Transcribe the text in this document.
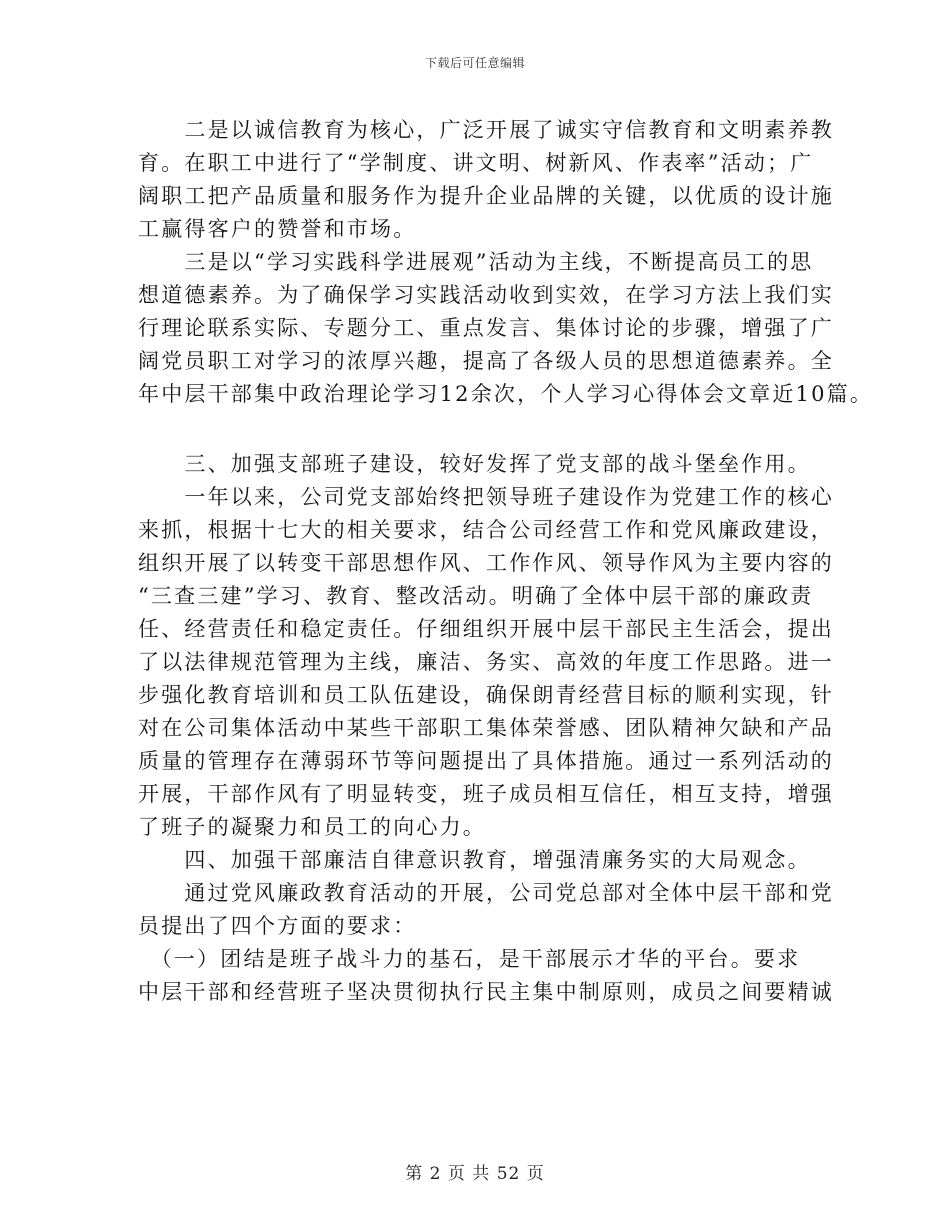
下载后可任意编辑
　　二是以诚信教育为核心，广泛开展了诚实守信教育和文明素养教
育。在职工中进行了“学制度、讲文明、树新风、作表率”活动；广
阔职工把产品质量和服务作为提升企业品牌的关键，以优质的设计施
工赢得客户的赞誉和市场。
　　三是以“学习实践科学进展观”活动为主线，不断提高员工的思
想道德素养。为了确保学习实践活动收到实效，在学习方法上我们实
行理论联系实际、专题分工、重点发言、集体讨论的步骤，增强了广
阔党员职工对学习的浓厚兴趣，提高了各级人员的思想道德素养。全
年中层干部集中政治理论学习12余次，个人学习心得体会文章近10篇。
　　三、加强支部班子建设，较好发挥了党支部的战斗堡垒作用。
　　一年以来，公司党支部始终把领导班子建设作为党建工作的核心
来抓，根据十七大的相关要求，结合公司经营工作和党风廉政建设，
组织开展了以转变干部思想作风、工作作风、领导作风为主要内容的
“三查三建”学习、教育、整改活动。明确了全体中层干部的廉政责
任、经营责任和稳定责任。仔细组织开展中层干部民主生活会，提出
了以法律规范管理为主线，廉洁、务实、高效的年度工作思路。进一
步强化教育培训和员工队伍建设，确保朗青经营目标的顺利实现，针
对在公司集体活动中某些干部职工集体荣誉感、团队精神欠缺和产品
质量的管理存在薄弱环节等问题提出了具体措施。通过一系列活动的
开展，干部作风有了明显转变，班子成员相互信任，相互支持，增强
了班子的凝聚力和员工的向心力。
　　四、加强干部廉洁自律意识教育，增强清廉务实的大局观念。
　　通过党风廉政教育活动的开展，公司党总部对全体中层干部和党
员提出了四个方面的要求：
　（一）团结是班子战斗力的基石，是干部展示才华的平台。要求
中层干部和经营班子坚决贯彻执行民主集中制原则，成员之间要精诚
第 2 页 共 52 页
